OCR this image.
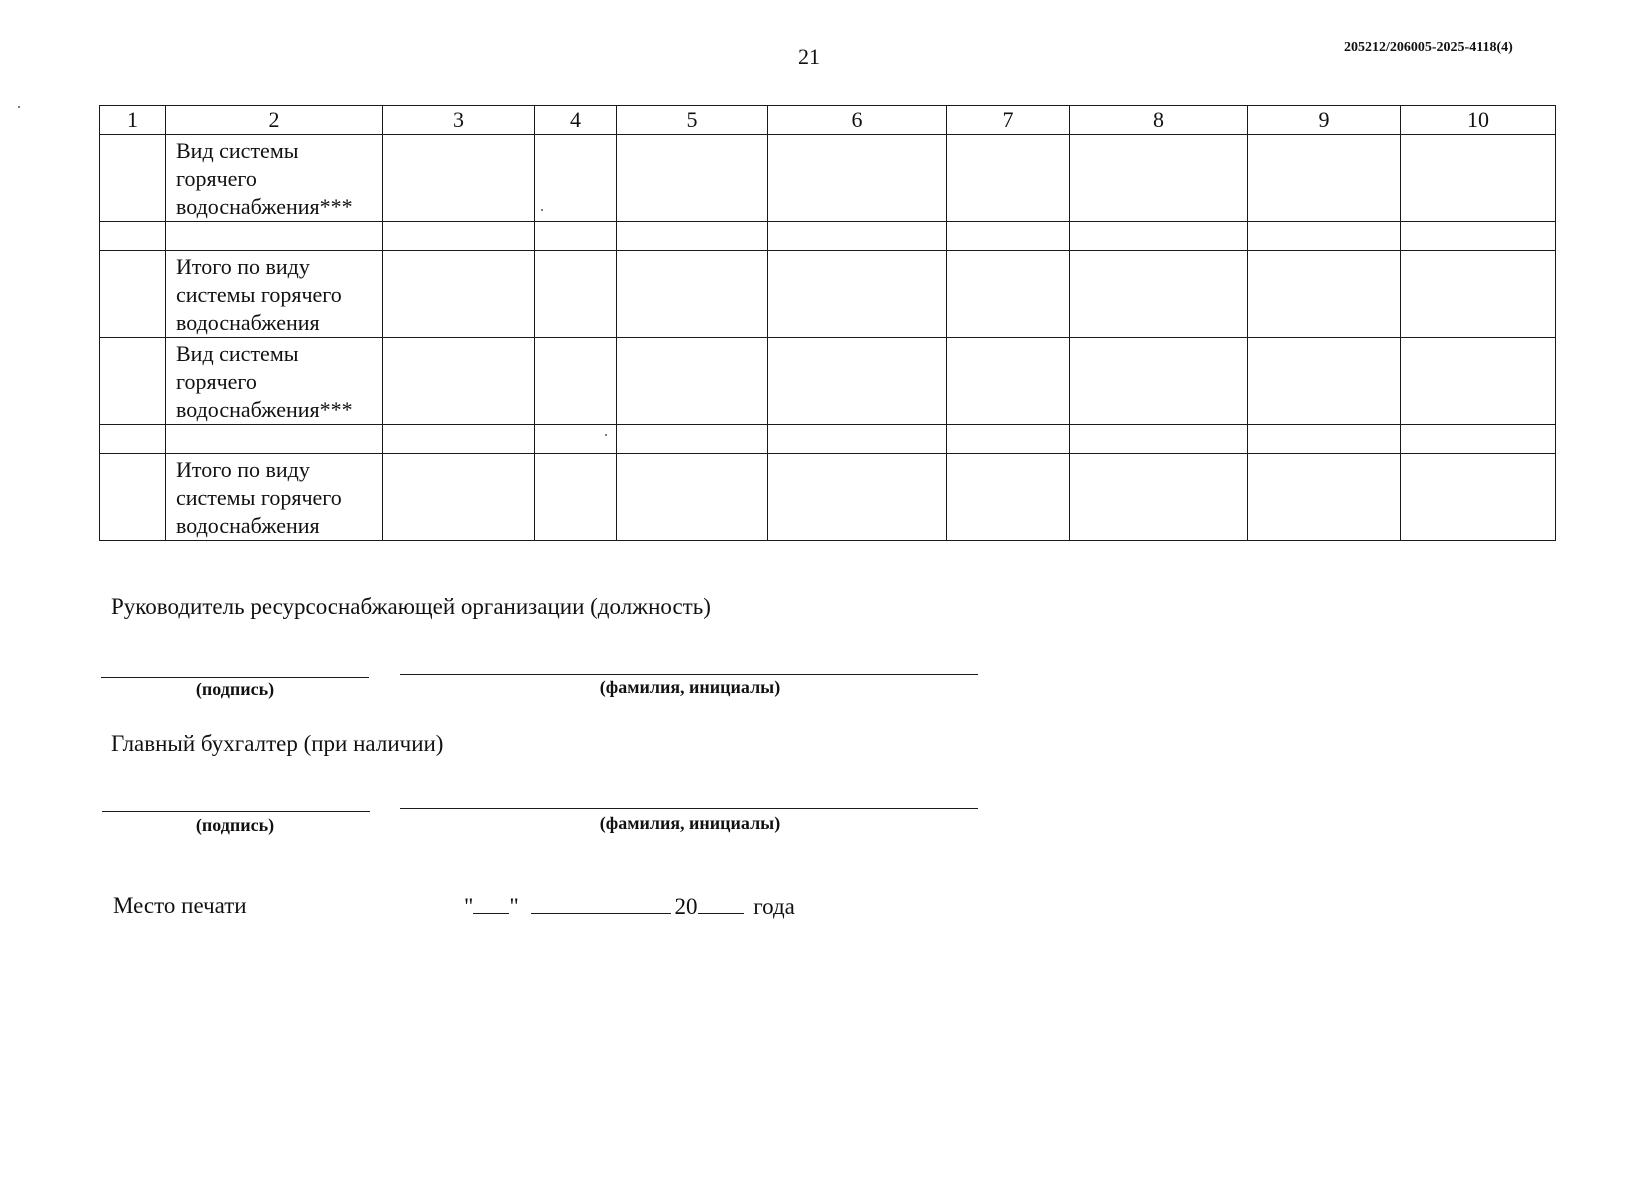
21	205212/206005-2025-4118(4)
1	2	3	4	5	6	7	8	9	10
	Вид системы горячего водоснабжения***								

	Итого по виду системы горячего водоснабжения								
	Вид системы горячего водоснабжения***								

	Итого по виду системы горячего водоснабжения								
Руководитель ресурсоснабжающей организации (должность)
(подпись)	(фамилия, инициалы)
Главный бухгалтер (при наличии)
(подпись)	(фамилия, инициалы)
Место печати	" "	20 года
